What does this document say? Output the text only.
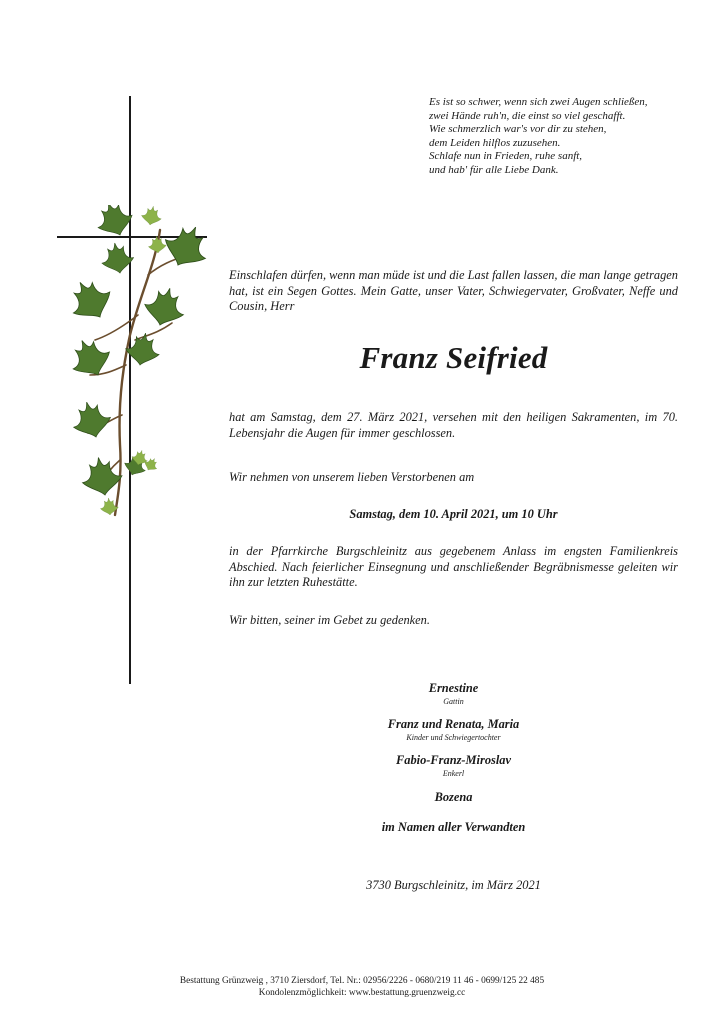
Es ist so schwer, wenn sich zwei Augen schließen,
zwei Hände ruh'n, die einst so viel geschafft.
Wie schmerzlich war's vor dir zu stehen,
dem Leiden hilflos zuzusehen.
Schlafe nun in Frieden, ruhe sanft,
und hab' für alle Liebe Dank.
Einschlafen dürfen, wenn man müde ist und die Last fallen lassen, die man lange getragen hat, ist ein Segen Gottes. Mein Gatte, unser Vater, Schwiegervater, Großvater, Neffe und Cousin, Herr
Franz Seifried
hat am Samstag, dem 27. März 2021, versehen mit den heiligen Sakramenten, im 70. Lebensjahr die Augen für immer geschlossen.
Wir nehmen von unserem lieben Verstorbenen am
Samstag, dem 10. April 2021, um 10 Uhr
in der Pfarrkirche Burgschleinitz aus gegebenem Anlass im engsten Familienkreis Abschied. Nach feierlicher Einsegnung und anschließender Begräbnismesse geleiten wir ihn zur letzten Ruhestätte.
Wir bitten, seiner im Gebet zu gedenken.
Ernestine
Gattin
Franz und Renata, Maria
Kinder und Schwiegertochter
Fabio-Franz-Miroslav
Enkerl
Bozena
im Namen aller Verwandten
3730 Burgschleinitz, im März 2021
Bestattung Grünzweig , 3710 Ziersdorf, Tel. Nr.: 02956/2226 - 0680/219 11 46 - 0699/125 22 485
Kondolenzmöglichkeit: www.bestattung.gruenzweig.cc
